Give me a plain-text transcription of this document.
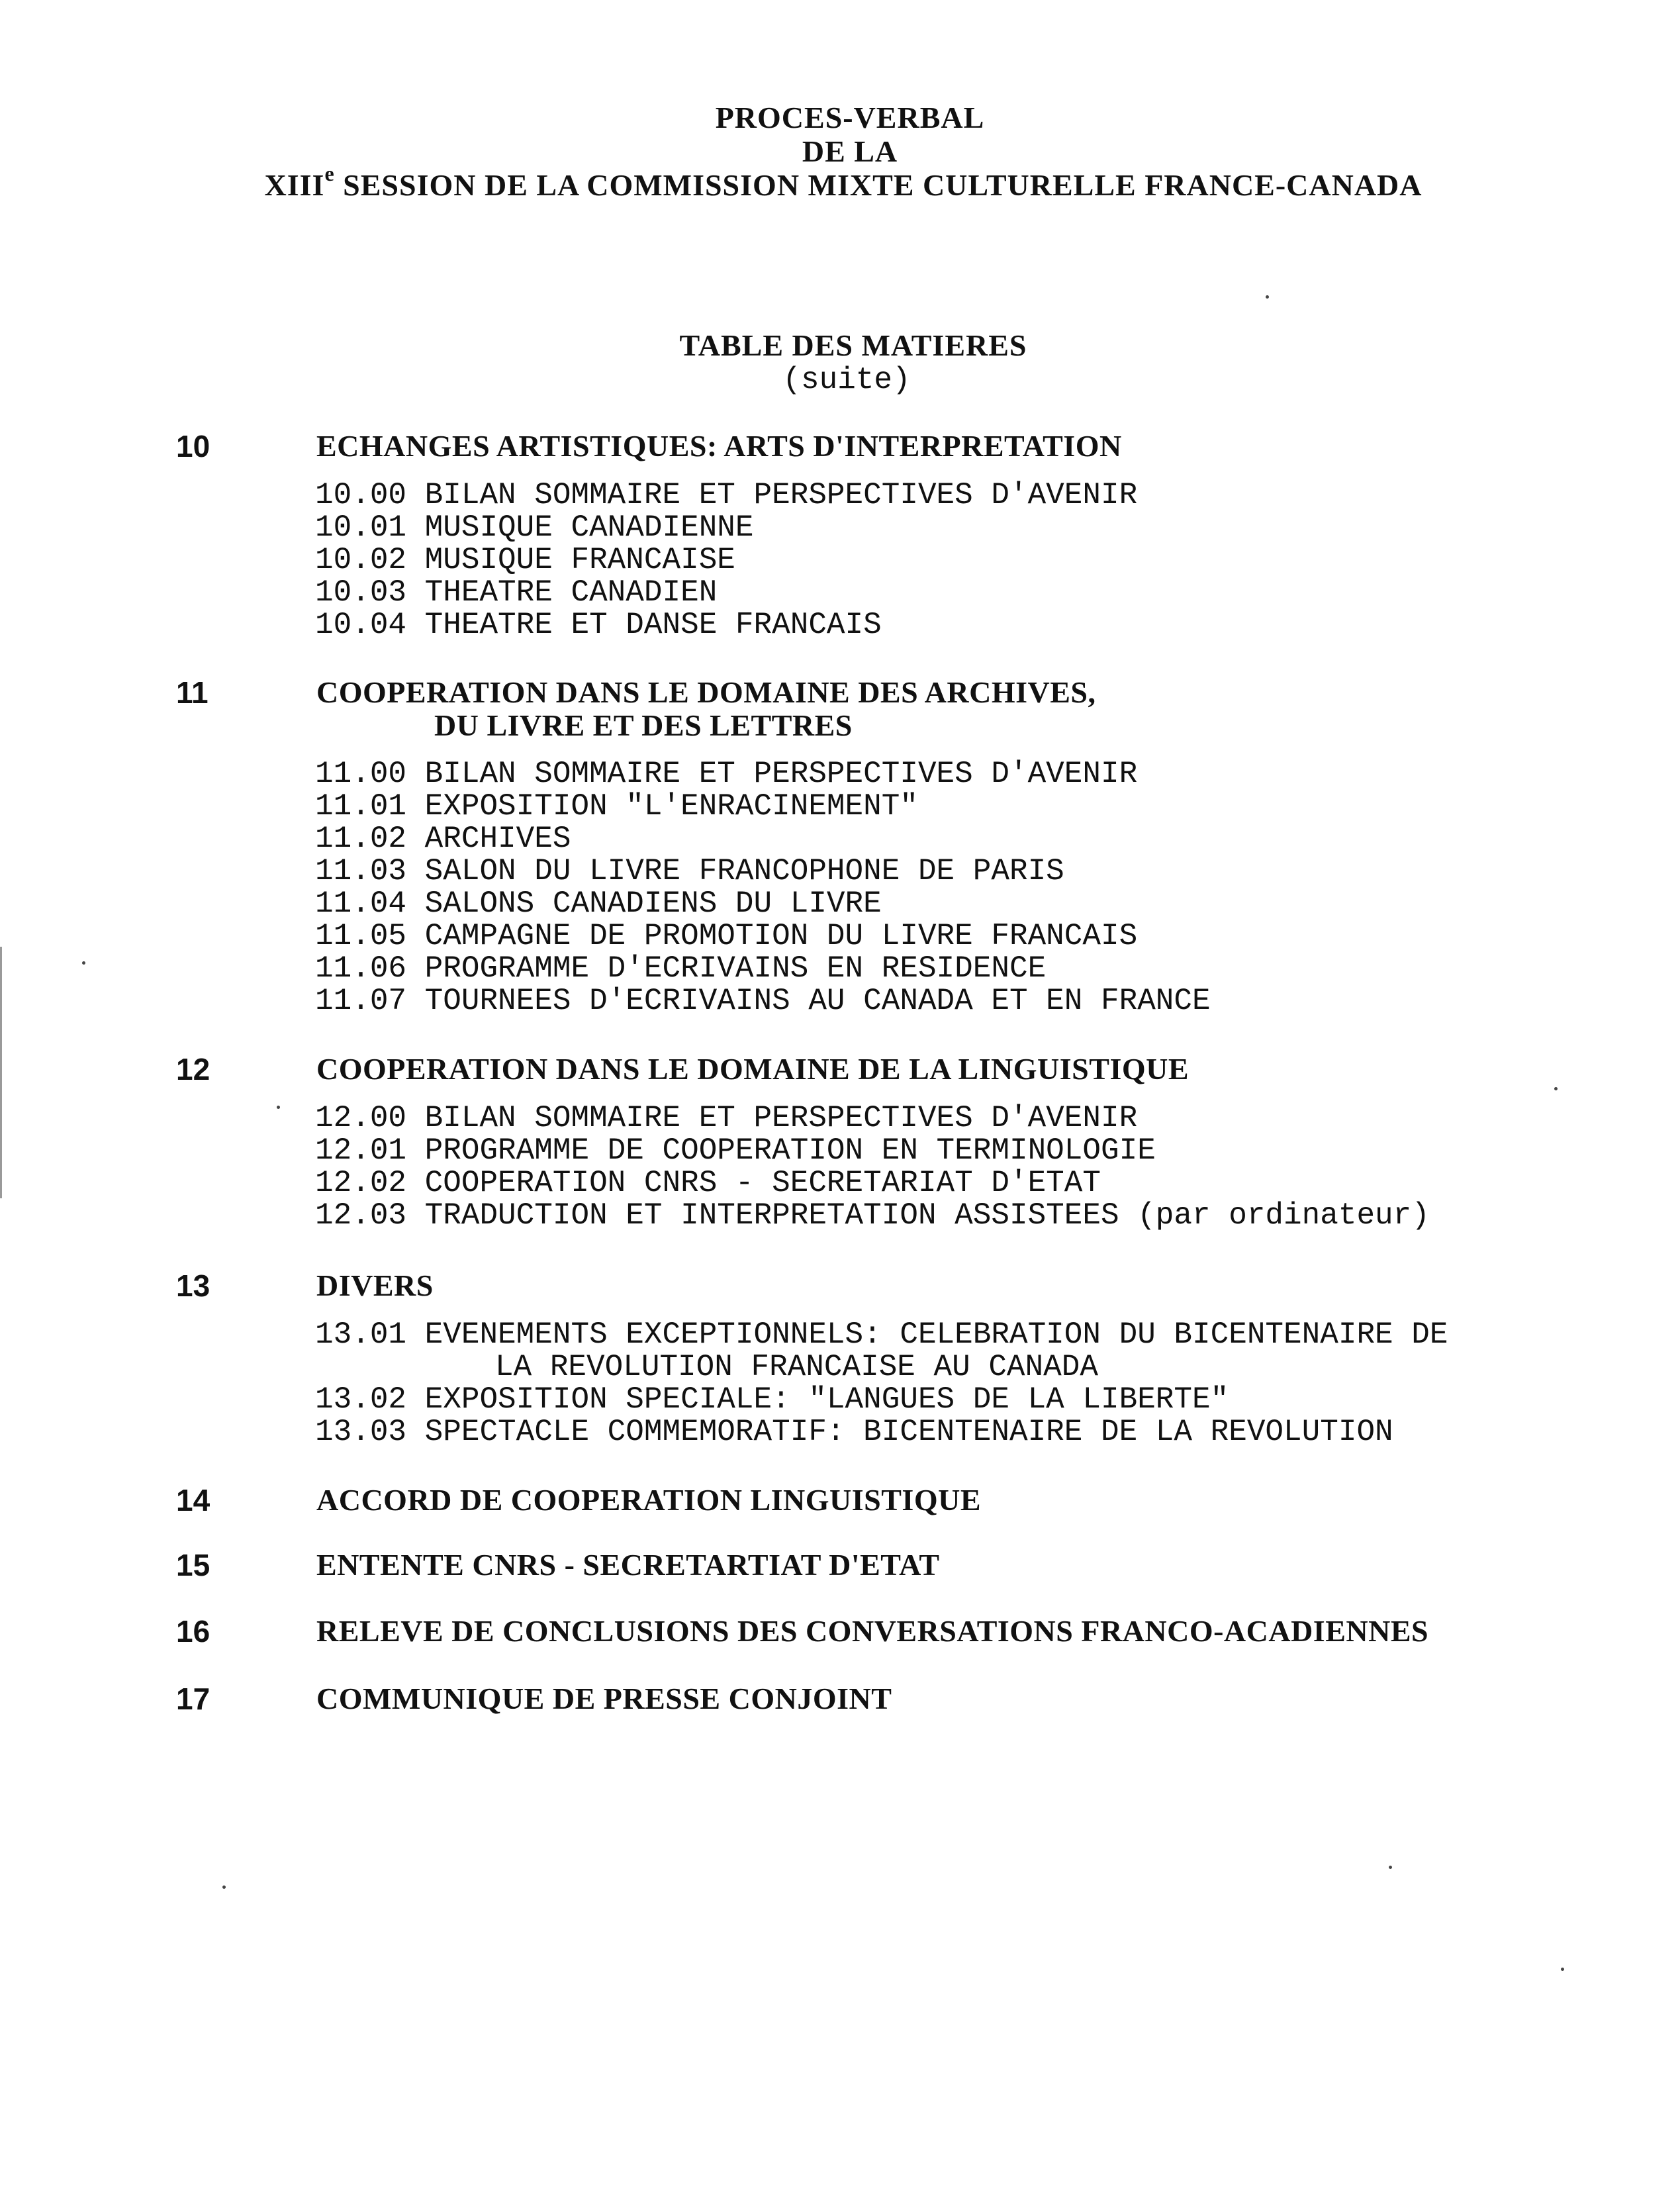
PROCES-VERBAL
DE LA
XIIIe SESSION DE LA COMMISSION MIXTE CULTURELLE FRANCE-CANADA
TABLE DES MATIERES
(suite)
10	ECHANGES ARTISTIQUES: ARTS D'INTERPRETATION
10.00 BILAN SOMMAIRE ET PERSPECTIVES D'AVENIR
10.01 MUSIQUE CANADIENNE
10.02 MUSIQUE FRANCAISE
10.03 THEATRE CANADIEN
10.04 THEATRE ET DANSE FRANCAIS
11	COOPERATION DANS LE DOMAINE DES ARCHIVES,
DU LIVRE ET DES LETTRES
11.00 BILAN SOMMAIRE ET PERSPECTIVES D'AVENIR
11.01 EXPOSITION "L'ENRACINEMENT"
11.02 ARCHIVES
11.03 SALON DU LIVRE FRANCOPHONE DE PARIS
11.04 SALONS CANADIENS DU LIVRE
11.05 CAMPAGNE DE PROMOTION DU LIVRE FRANCAIS
11.06 PROGRAMME D'ECRIVAINS EN RESIDENCE
11.07 TOURNEES D'ECRIVAINS AU CANADA ET EN FRANCE
12	COOPERATION DANS LE DOMAINE DE LA LINGUISTIQUE
12.00 BILAN SOMMAIRE ET PERSPECTIVES D'AVENIR
12.01 PROGRAMME DE COOPERATION EN TERMINOLOGIE
12.02 COOPERATION CNRS - SECRETARIAT D'ETAT
12.03 TRADUCTION ET INTERPRETATION ASSISTEES (par ordinateur)
13	DIVERS
13.01 EVENEMENTS EXCEPTIONNELS: CELEBRATION DU BICENTENAIRE DE
LA REVOLUTION FRANCAISE AU CANADA
13.02 EXPOSITION SPECIALE: "LANGUES DE LA LIBERTE"
13.03 SPECTACLE COMMEMORATIF: BICENTENAIRE DE LA REVOLUTION
14	ACCORD DE COOPERATION LINGUISTIQUE
15	ENTENTE CNRS - SECRETARTIAT D'ETAT
16	RELEVE DE CONCLUSIONS DES CONVERSATIONS FRANCO-ACADIENNES
17	COMMUNIQUE DE PRESSE CONJOINT
